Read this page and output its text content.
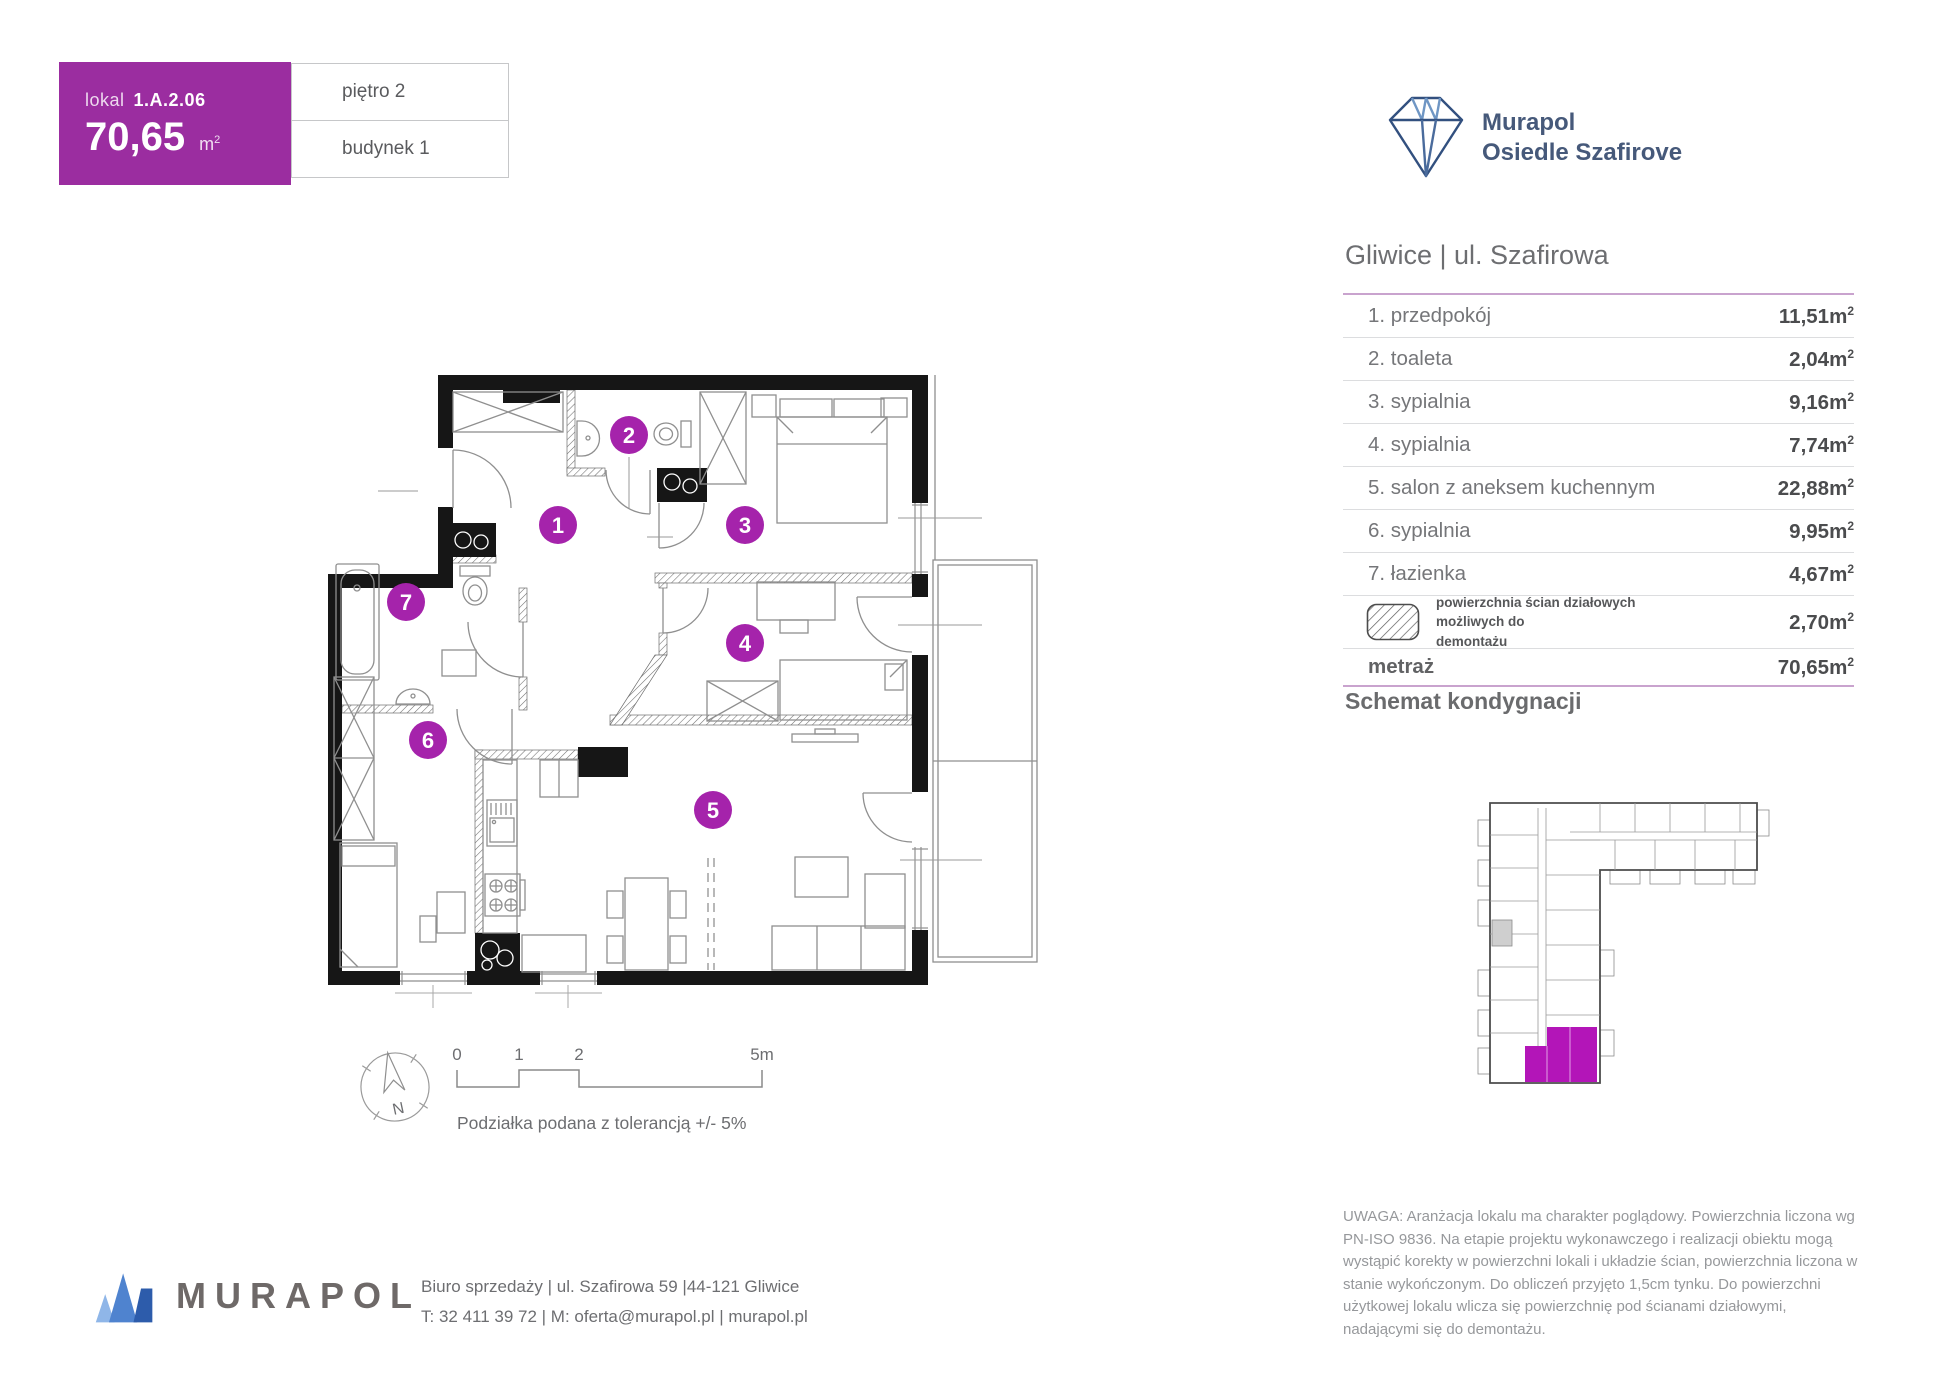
lokal 1.A.2.06
70,65 $m^2$
piętro 2
budynek 1
Murapol
Osiedle Szafirove
Gliwice | ul. Szafirowa
1. przedpokój	$11,51m^2$
2. toaleta	$2,04m^2$
3. sypialnia	$9,16m^2$
4. sypialnia	$7,74m^2$
5. salon z aneksem kuchennym	$22,88m^2$
6. sypialnia	$9,95m^2$
7. łazienka	$4,67m^2$
powierzchnia ścian działowych możliwych do
demontażu
$2,70m^2$
metraż	$70,65m^2$
Schemat kondygnacji
1
2
3
4
5
6
7
N
0	1	2	5m
Podziałka podana z tolerancją +/- 5%
MURAPOL Biuro sprzedaży | ul. Szafirowa 59 |44-121 Gliwice
T: 32 411 39 72 | M: oferta@murapol.pl | murapol.pl
UWAGA: Aranżacja lokalu ma charakter poglądowy. Powierzchnia liczona wg PN-ISO 9836. Na etapie projektu wykonawczego i realizacji obiektu mogą wystąpić korekty w powierzchni lokali i układzie ścian, powierzchnia liczona w stanie wykończonym. Do obliczeń przyjęto 1,5cm tynku. Do powierzchni użytkowej lokalu wlicza się powierzchnię pod ścianami działowymi, nadającymi się do demontażu.
